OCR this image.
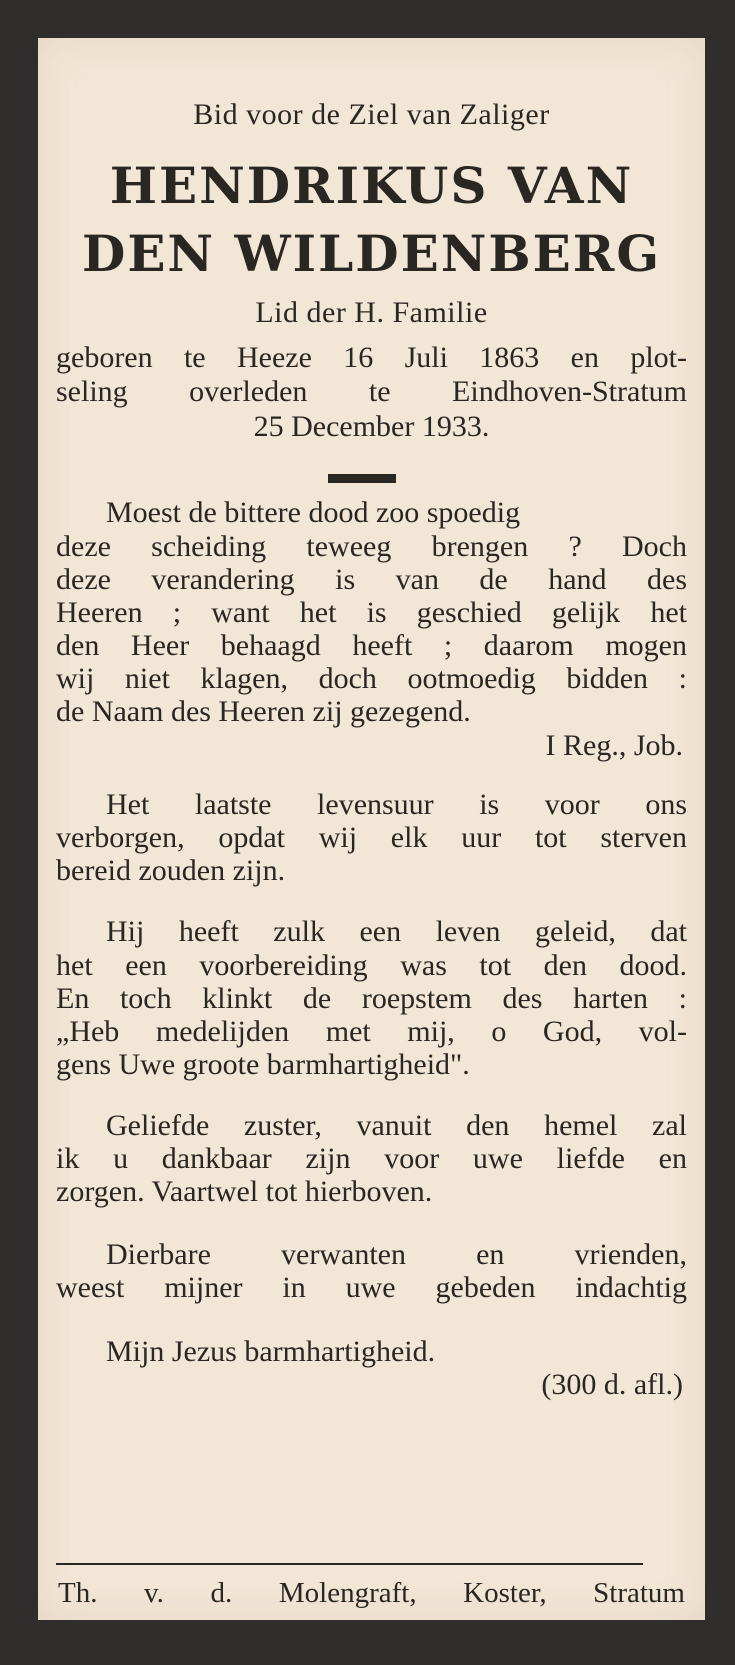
Bid voor de Ziel van Zaliger
HENDRIKUS VAN
DEN WILDENBERG
Lid der H. Familie
geboren te Heeze 16 Juli 1863 en plot-
seling overleden te Eindhoven-Stratum
25 December 1933.
Moest de bittere dood zoo spoedig
deze scheiding teweeg brengen ? Doch
deze verandering is van de hand des
Heeren ; want het is geschied gelijk het
den Heer behaagd heeft ; daarom mogen
wij niet klagen, doch ootmoedig bidden :
de Naam des Heeren zij gezegend.
I Reg., Job.
Het laatste levensuur is voor ons
verborgen, opdat wij elk uur tot sterven
bereid zouden zijn.
Hij heeft zulk een leven geleid, dat
het een voorbereiding was tot den dood.
En toch klinkt de roepstem des harten :
„Heb medelijden met mij, o God, vol-
gens Uwe groote barmhartigheid".
Geliefde zuster, vanuit den hemel zal
ik u dankbaar zijn voor uwe liefde en
zorgen. Vaartwel tot hierboven.
Dierbare verwanten en vrienden,
weest mijner in uwe gebeden indachtig
Mijn Jezus barmhartigheid.
(300 d. afl.)
Th. v. d. Molengraft, Koster, Stratum
